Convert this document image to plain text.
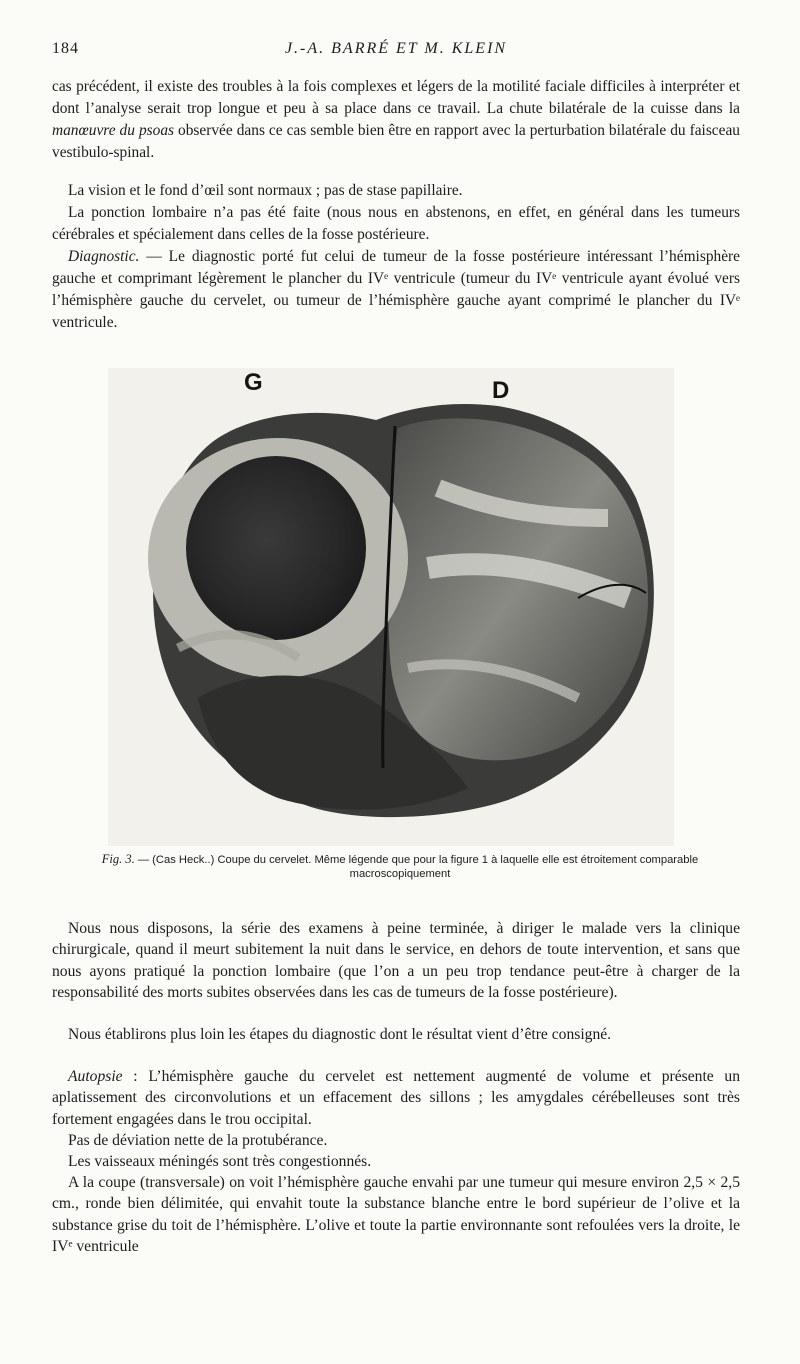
184	J.-A. BARRÉ ET M. KLEIN

cas précédent, il existe des troubles à la fois complexes et légers de la motilité faciale difficiles à interpréter et dont l’analyse serait trop longue et peu à sa place dans ce travail. La chute bilatérale de la cuisse dans la manœuvre du psoas observée dans ce cas semble bien être en rapport avec la perturbation bilatérale du faisceau vestibulo-spinal.

La vision et le fond d’œil sont normaux ; pas de stase papillaire.

La ponction lombaire n’a pas été faite (nous nous en abstenons, en effet, en général dans les tumeurs cérébrales et spécialement dans celles de la fosse postérieure.

Diagnostic. — Le diagnostic porté fut celui de tumeur de la fosse postérieure intéressant l’hémisphère gauche et comprimant légèrement le plancher du IVᵉ ventricule (tumeur du IVᵉ ventricule ayant évolué vers l’hémisphère gauche du cervelet, ou tumeur de l’hémisphère gauche ayant comprimé le plancher du IVᵉ ventricule.

G	D
Fig. 3. — (Cas Heck..) Coupe du cervelet. Même légende que pour la figure 1 à laquelle elle est étroitement comparable macroscopiquement

Nous nous disposons, la série des examens à peine terminée, à diriger le malade vers la clinique chirurgicale, quand il meurt subitement la nuit dans le service, en dehors de toute intervention, et sans que nous ayons pratiqué la ponction lombaire (que l’on a un peu trop tendance peut-être à charger de la responsabilité des morts subites observées dans les cas de tumeurs de la fosse postérieure).

Nous établirons plus loin les étapes du diagnostic dont le résultat vient d’être consigné.

Autopsie : L’hémisphère gauche du cervelet est nettement augmenté de volume et présente un aplatissement des circonvolutions et un effacement des sillons ; les amygdales cérébelleuses sont très fortement engagées dans le trou occipital.

Pas de déviation nette de la protubérance.

Les vaisseaux méningés sont très congestionnés.

A la coupe (transversale) on voit l’hémisphère gauche envahi par une tumeur qui mesure environ 2,5 × 2,5 cm., ronde bien délimitée, qui envahit toute la substance blanche entre le bord supérieur de l’olive et la substance grise du toit de l’hémisphère. L’olive et toute la partie environnante sont refoulées vers la droite, le IVᵉ ventricule
